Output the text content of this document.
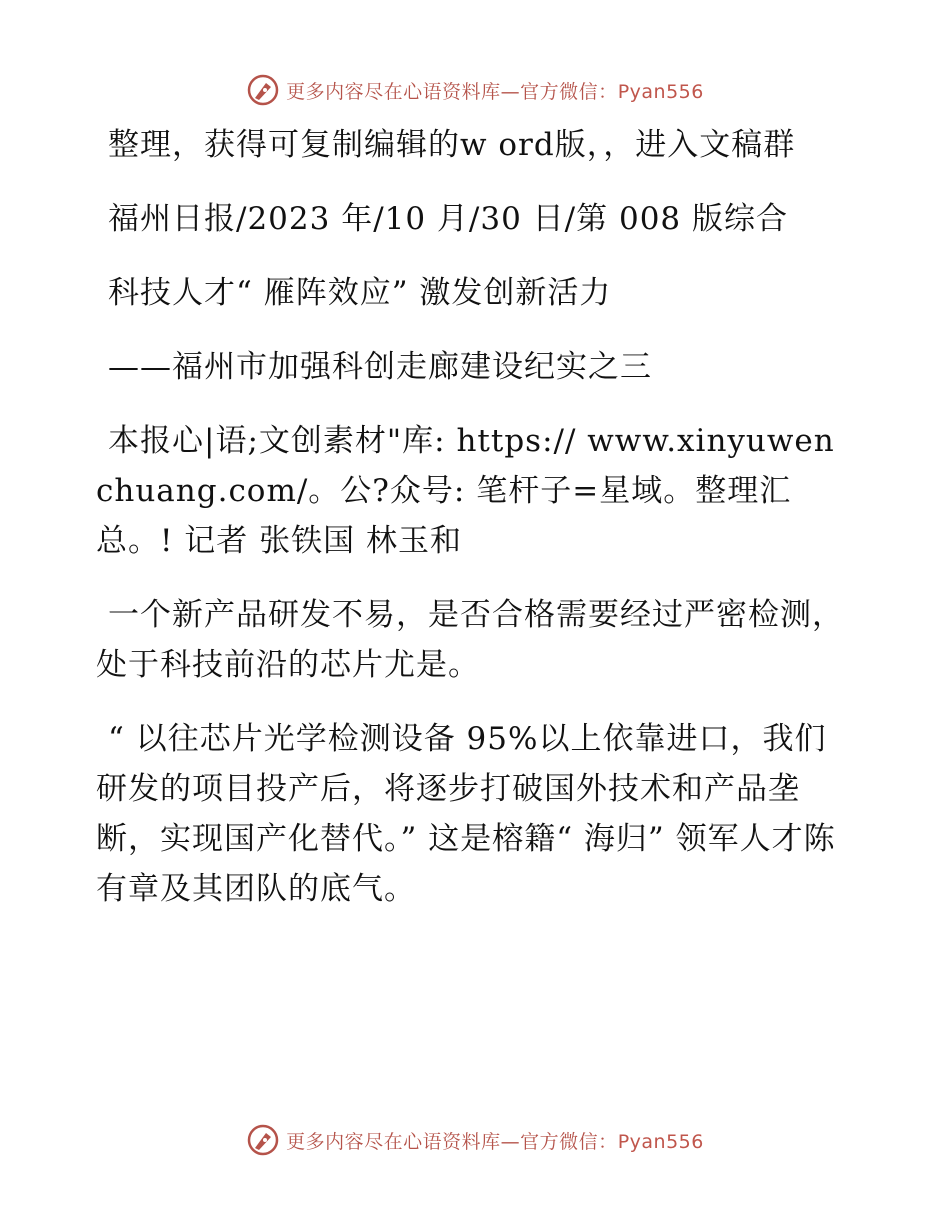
更多内容尽在心语资料库—官方微信：Pyan556

整理，获得可复制编辑的w ord版，，进入文稿群

福州日报/2023 年/10 月/30 日/第 008 版综合

科技人才“ 雁阵效应” 激发创新活力

——福州市加强科创走廊建设纪实之三

本报心|语;文创素材"库: https:// www.xinyuwenchuang.com/。公?众号: 笔杆子=星域。整理汇总。! 记者 张铁国 林玉和

一个新产品研发不易，是否合格需要经过严密检测，处于科技前沿的芯片尤是。

“ 以往芯片光学检测设备 95%以上依靠进口，我们研发的项目投产后，将逐步打破国外技术和产品垄断，实现国产化替代。” 这是榕籍“ 海归” 领军人才陈有章及其团队的底气。

更多内容尽在心语资料库—官方微信：Pyan556
